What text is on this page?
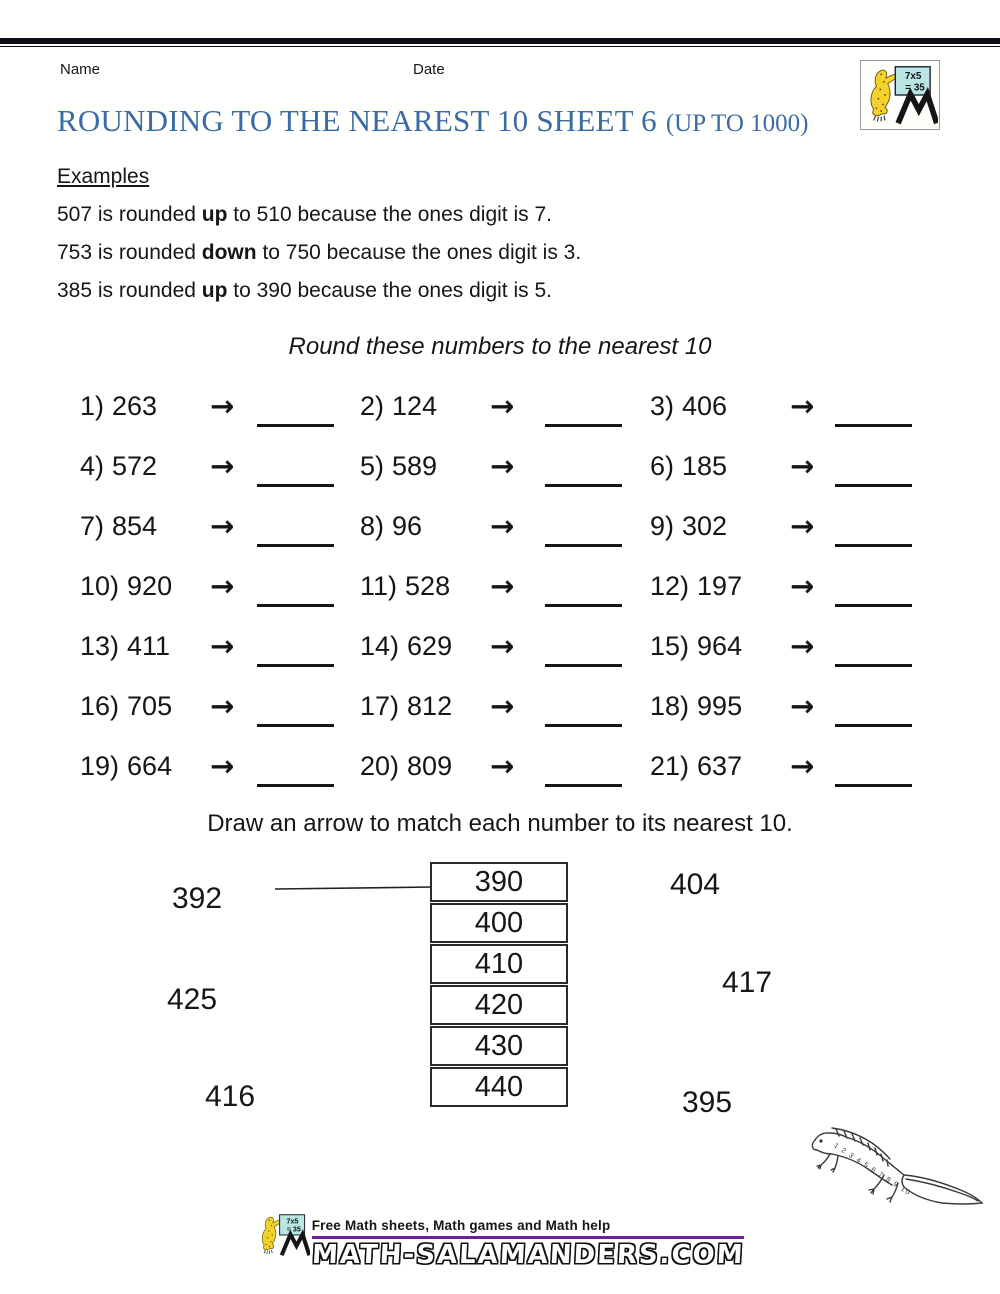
Name	Date
ROUNDING TO THE NEAREST 10 SHEET 6 (UP TO 1000)
Examples
507 is rounded up to 510 because the ones digit is 7.
753 is rounded down to 750 because the ones digit is 3.
385 is rounded up to 390 because the ones digit is 5.
Round these numbers to the nearest 10
1) 263 →	2) 124 →	3) 406 →
4) 572 →	5) 589 →	6) 185 →
7) 854 →	8) 96 →	9) 302 →
10) 920 →	11) 528 →	12) 197 →
13) 411 →	14) 629 →	15) 964 →
16) 705 →	17) 812 →	18) 995 →
19) 664 →	20) 809 →	21) 637 →
Draw an arrow to match each number to its nearest 10.
392
425
416
390
400
410
420
430
440
404
417
395
1 2 3 4 5 6 7 8 9 10
Free Math sheets, Math games and Math help
MATH-SALAMANDERS.COM
